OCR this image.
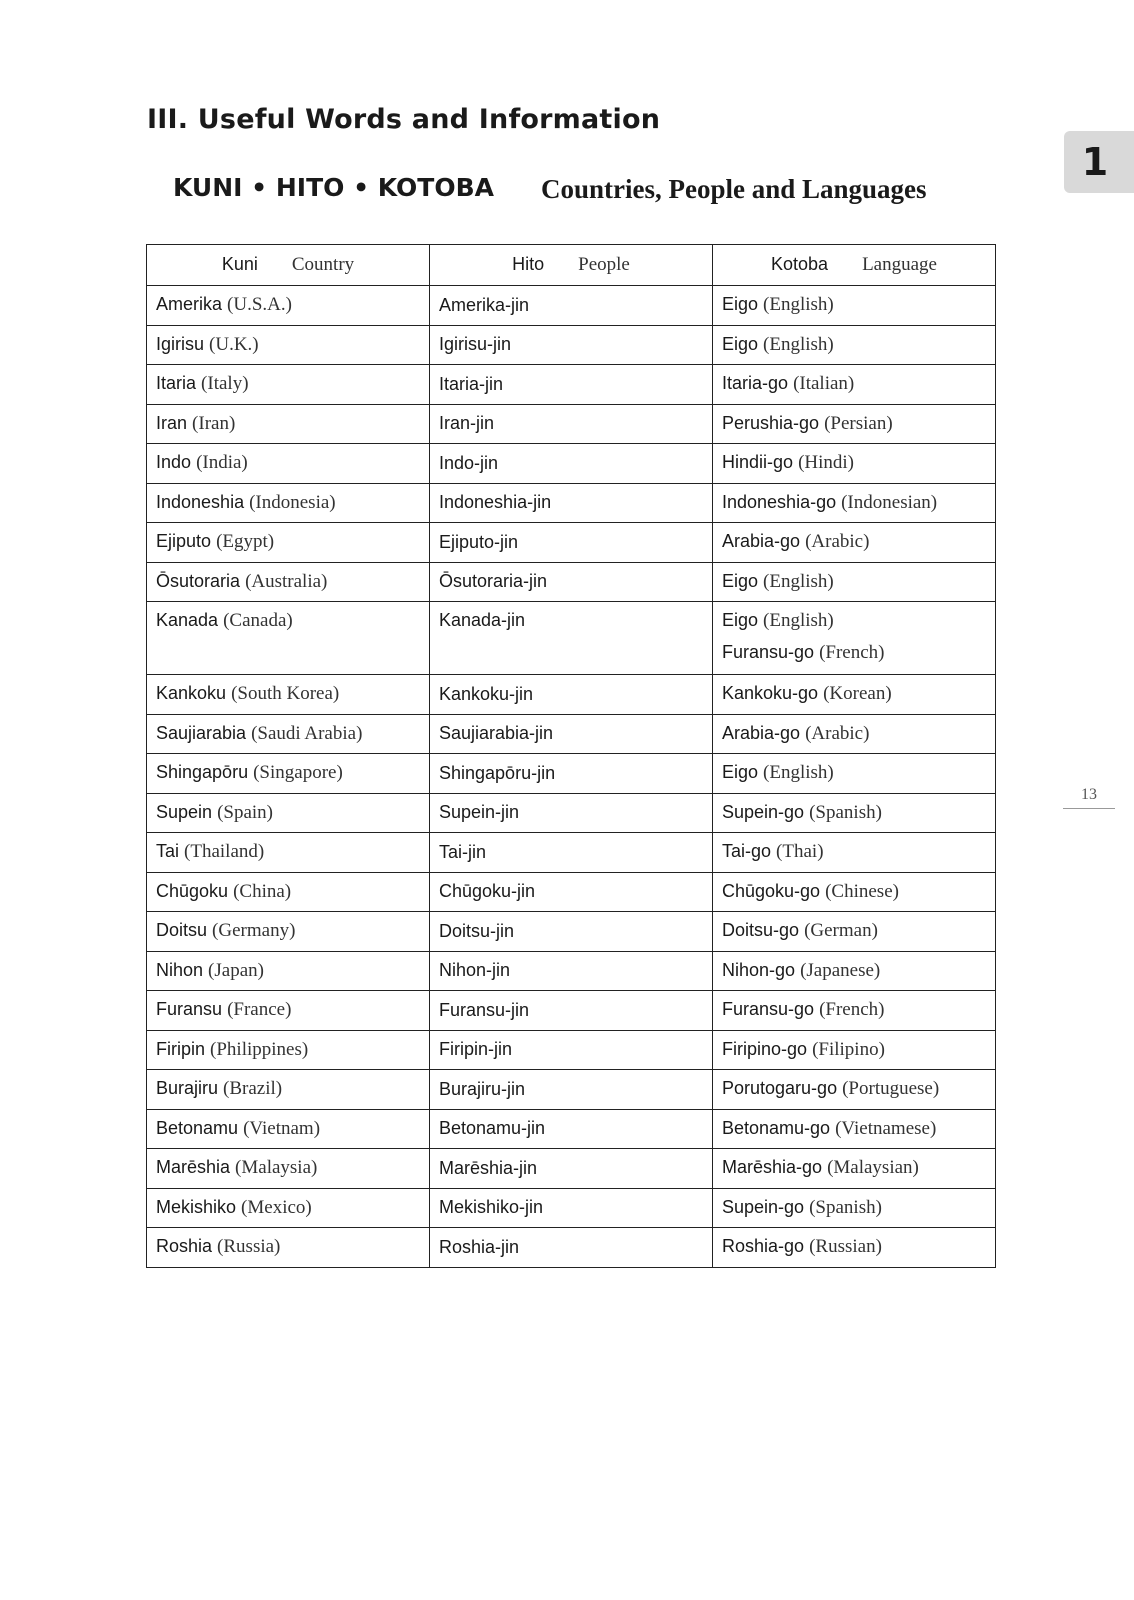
III. Useful Words and Information
KUNI • HITO • KOTOBA Countries, People and Languages
1
13
Kuni Country	Hito People	Kotoba Language
Amerika (U.S.A.)	Amerika-jin	Eigo (English)

Igirisu (U.K.)	Igirisu-jin	Eigo (English)

Itaria (Italy)	Itaria-jin	Itaria-go (Italian)

Iran (Iran)	Iran-jin	Perushia-go (Persian)

Indo (India)	Indo-jin	Hindii-go (Hindi)

Indoneshia (Indonesia)	Indoneshia-jin	Indoneshia-go (Indonesian)

Ejiputo (Egypt)	Ejiputo-jin	Arabia-go (Arabic)

Ōsutoraria (Australia)	Ōsutoraria-jin	Eigo (English)

Kanada (Canada)	Kanada-jin	Eigo (English)
Furansu-go (French)

Kankoku (South Korea)	Kankoku-jin	Kankoku-go (Korean)

Saujiarabia (Saudi Arabia)	Saujiarabia-jin	Arabia-go (Arabic)

Shingapōru (Singapore)	Shingapōru-jin	Eigo (English)

Supein (Spain)	Supein-jin	Supein-go (Spanish)

Tai (Thailand)	Tai-jin	Tai-go (Thai)

Chūgoku (China)	Chūgoku-jin	Chūgoku-go (Chinese)

Doitsu (Germany)	Doitsu-jin	Doitsu-go (German)

Nihon (Japan)	Nihon-jin	Nihon-go (Japanese)

Furansu (France)	Furansu-jin	Furansu-go (French)

Firipin (Philippines)	Firipin-jin	Firipino-go (Filipino)

Burajiru (Brazil)	Burajiru-jin	Porutogaru-go (Portuguese)

Betonamu (Vietnam)	Betonamu-jin	Betonamu-go (Vietnamese)

Marēshia (Malaysia)	Marēshia-jin	Marēshia-go (Malaysian)

Mekishiko (Mexico)	Mekishiko-jin	Supein-go (Spanish)

Roshia (Russia)	Roshia-jin	Roshia-go (Russian)
